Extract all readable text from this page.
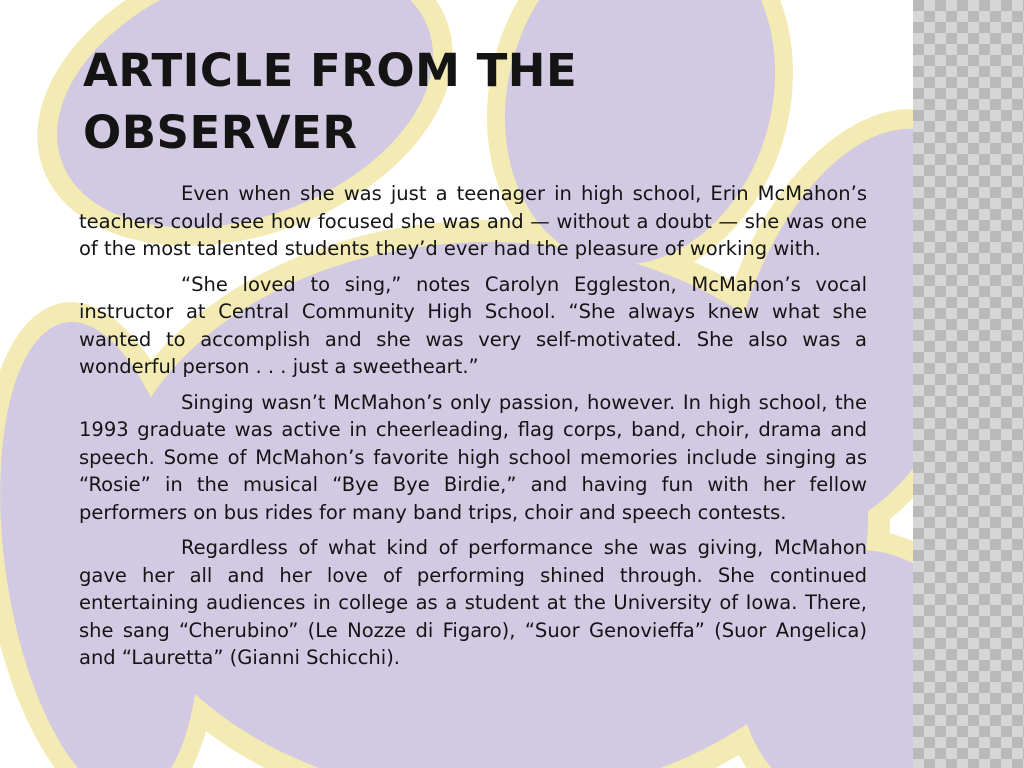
ARTICLE FROM THE
OBSERVER

Even when she was just a teenager in high school, Erin McMahon’s teachers could see how focused she was and — without a doubt — she was one of the most talented students they’d ever had the pleasure of working with.

“She loved to sing,” notes Carolyn Eggleston, McMahon’s vocal instructor at Central Community High School. “She always knew what she wanted to accomplish and she was very self-motivated. She also was a wonderful person . . . just a sweetheart.”

Singing wasn’t McMahon’s only passion, however. In high school, the 1993 graduate was active in cheerleading, flag corps, band, choir, drama and speech. Some of McMahon’s favorite high school memories include singing as “Rosie” in the musical “Bye Bye Birdie,” and having fun with her fellow performers on bus rides for many band trips, choir and speech contests.

Regardless of what kind of performance she was giving, McMahon gave her all and her love of performing shined through. She continued entertaining audiences in college as a student at the University of Iowa. There, she sang “Cherubino” (Le Nozze di Figaro), “Suor Genovieffa” (Suor Angelica) and “Lauretta” (Gianni Schicchi).
